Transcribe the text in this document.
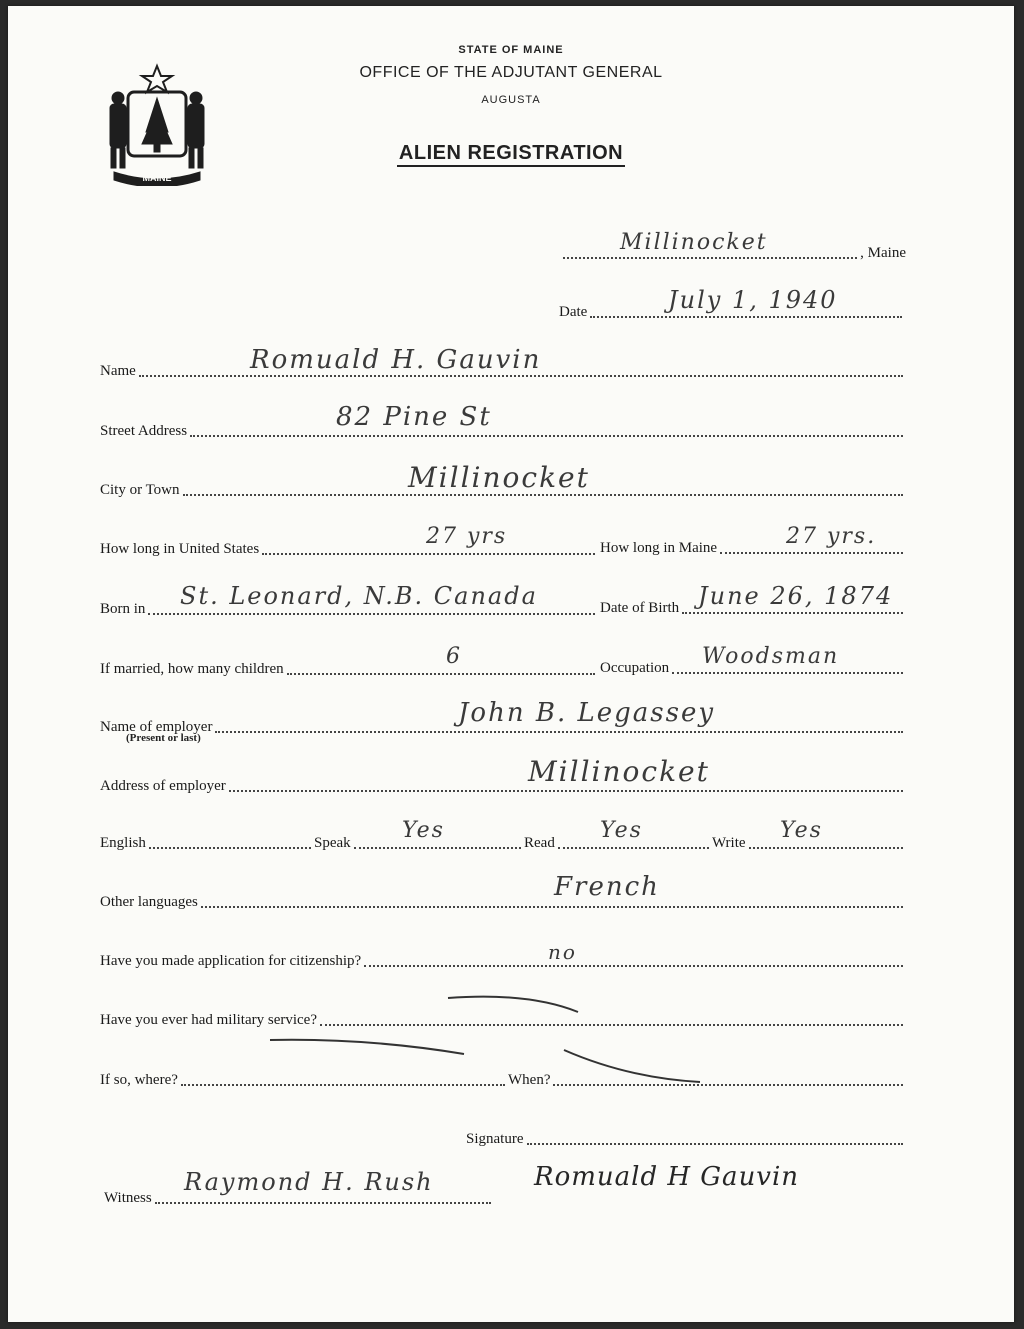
MAINE
STATE OF MAINE
OFFICE OF THE ADJUTANT GENERAL
AUGUSTA
ALIEN REGISTRATION
, Maine
Millinocket
Date	July 1, 1940
Name	Romuald H. Gauvin
Street Address	82 Pine St
City or Town	Millinocket
How long in United States	27 yrs	How long in Maine	27 yrs.
Born in St. Leonard, N.B. Canada	Date of Birth June 26, 1874
If married, how many children	6	Occupation Woodsman
Name of employer
(Present or last)
John B. Legassey
Address of employer	Millinocket
English	Speak Yes	Read Yes	Write Yes
Other languages	French
Have you made application for citizenship?	no
Have you ever had military service?
If so, where?	When?
Signature
Romuald H Gauvin
Witness
Raymond H. Rush
